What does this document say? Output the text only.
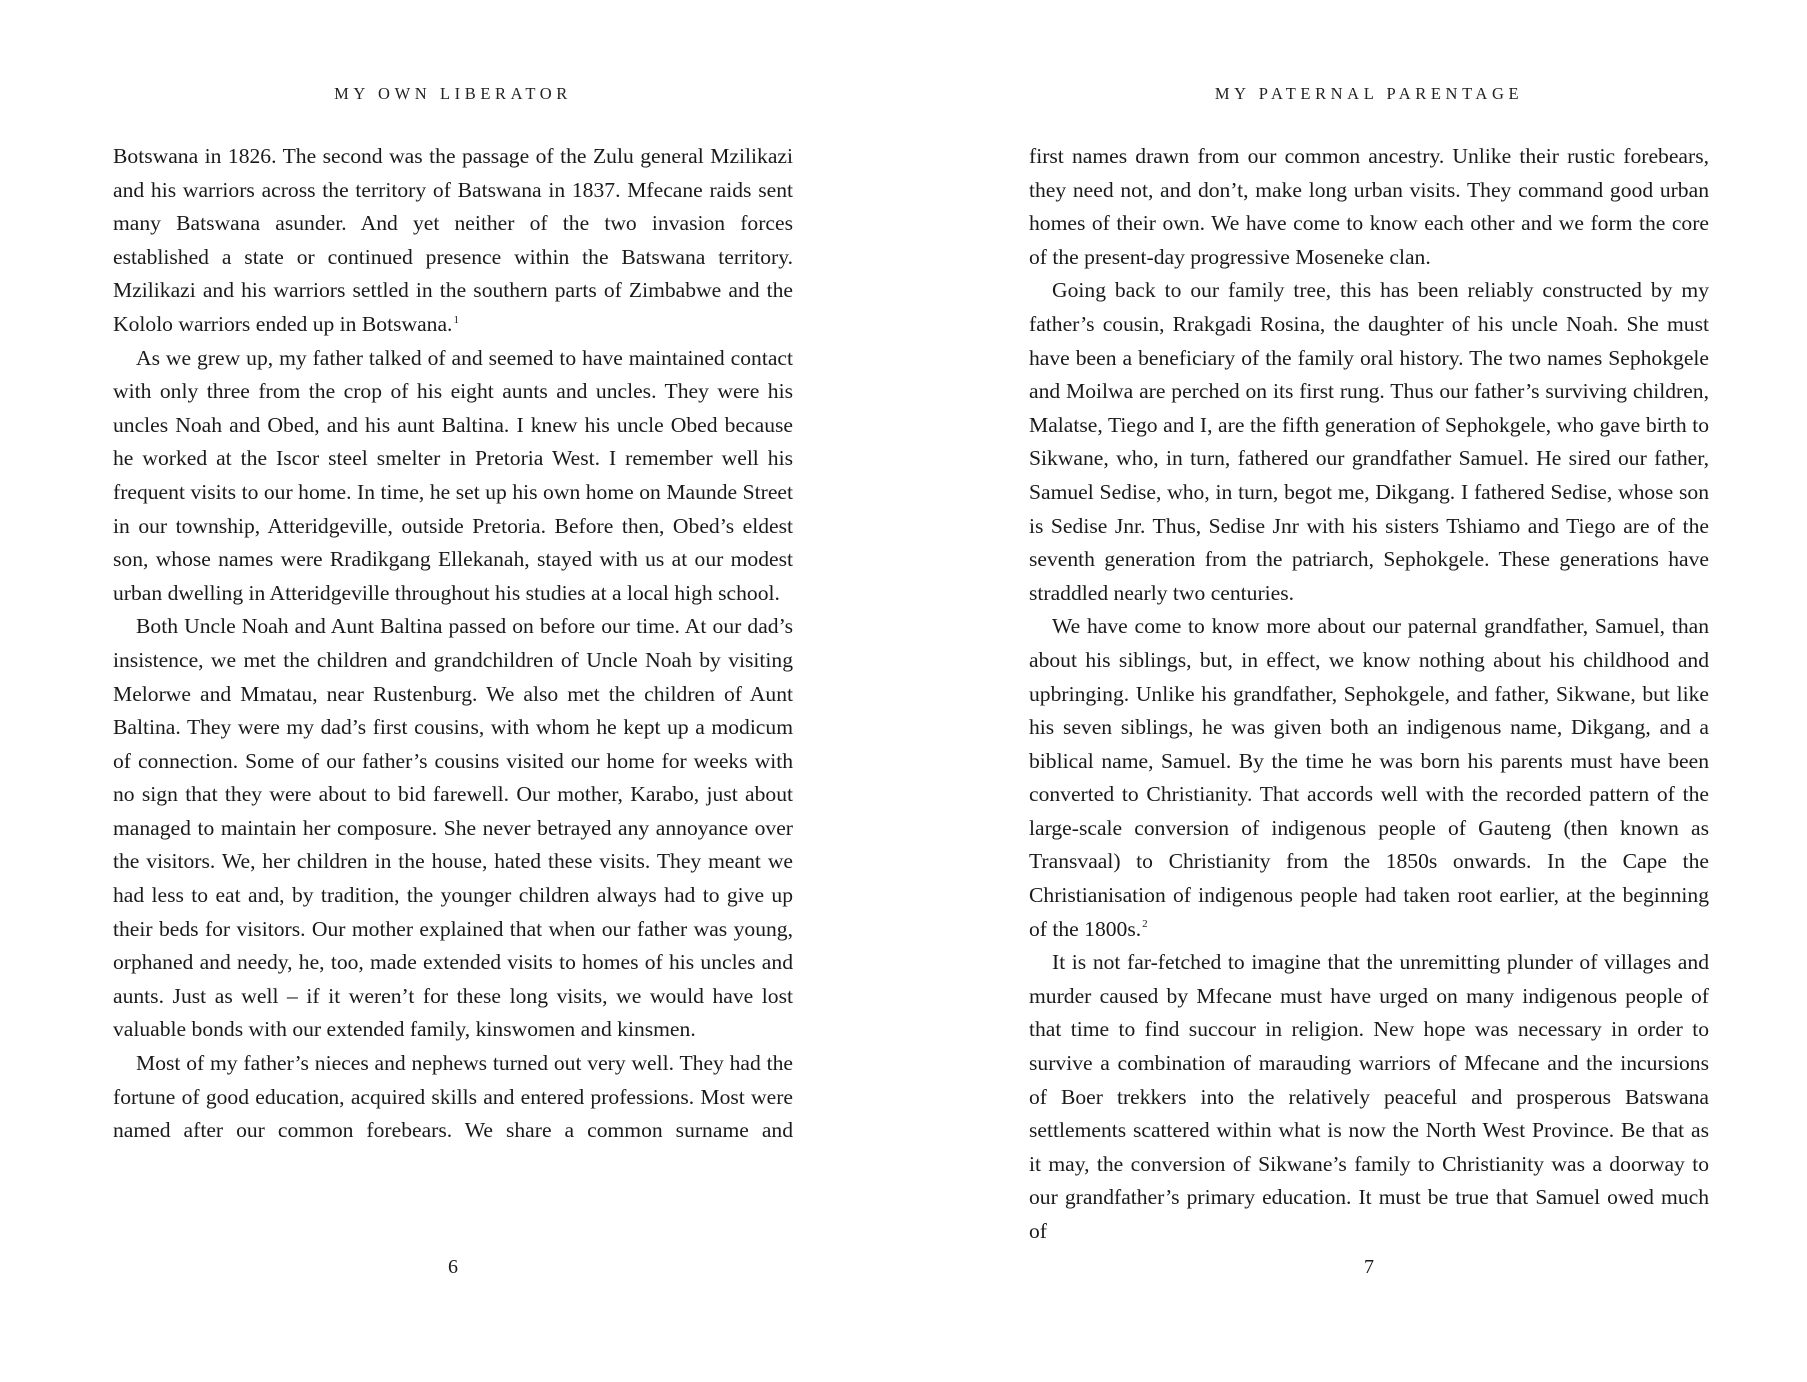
MY OWN LIBERATOR

Botswana in 1826. The second was the passage of the Zulu general Mzilikazi and his warriors across the territory of Batswana in 1837. Mfecane raids sent many Batswana asunder. And yet neither of the two invasion forces established a state or continued presence within the Batswana territory. Mzilikazi and his warriors settled in the southern parts of Zimbabwe and the Kololo warriors ended up in Botswana.$^1$

As we grew up, my father talked of and seemed to have maintained contact with only three from the crop of his eight aunts and uncles. They were his uncles Noah and Obed, and his aunt Baltina. I knew his uncle Obed because he worked at the Iscor steel smelter in Pretoria West. I remember well his frequent visits to our home. In time, he set up his own home on Maunde Street in our township, Atteridgeville, outside Pretoria. Before then, Obed’s eldest son, whose names were Rradikgang Ellekanah, stayed with us at our modest urban dwelling in Atteridgeville throughout his studies at a local high school.

Both Uncle Noah and Aunt Baltina passed on before our time. At our dad’s insistence, we met the children and grandchildren of Uncle Noah by visiting Melorwe and Mmatau, near Rustenburg. We also met the children of Aunt Baltina. They were my dad’s first cousins, with whom he kept up a modicum of connection. Some of our father’s cousins visited our home for weeks with no sign that they were about to bid farewell. Our mother, Karabo, just about managed to maintain her composure. She never betrayed any annoyance over the visitors. We, her children in the house, hated these visits. They meant we had less to eat and, by tradition, the younger children always had to give up their beds for visitors. Our mother explained that when our father was young, orphaned and needy, he, too, made extended visits to homes of his uncles and aunts. Just as well – if it weren’t for these long visits, we would have lost valuable bonds with our extended family, kinswomen and kinsmen.

Most of my father’s nieces and nephews turned out very well. They had the fortune of good education, acquired skills and entered professions. Most were named after our common forebears. We share a common surname and

6
MY PATERNAL PARENTAGE

first names drawn from our common ancestry. Unlike their rustic forebears, they need not, and don’t, make long urban visits. They command good urban homes of their own. We have come to know each other and we form the core of the present-day progressive Moseneke clan.

Going back to our family tree, this has been reliably constructed by my father’s cousin, Rrakgadi Rosina, the daughter of his uncle Noah. She must have been a beneficiary of the family oral history. The two names Sephokgele and Moilwa are perched on its first rung. Thus our father’s surviving children, Malatse, Tiego and I, are the fifth generation of Sephokgele, who gave birth to Sikwane, who, in turn, fathered our grandfather Samuel. He sired our father, Samuel Sedise, who, in turn, begot me, Dikgang. I fathered Sedise, whose son is Sedise Jnr. Thus, Sedise Jnr with his sisters Tshiamo and Tiego are of the seventh generation from the patriarch, Sephokgele. These generations have straddled nearly two centuries.

We have come to know more about our paternal grandfather, Samuel, than about his siblings, but, in effect, we know nothing about his childhood and upbringing. Unlike his grandfather, Sephokgele, and father, Sikwane, but like his seven siblings, he was given both an indigenous name, Dikgang, and a biblical name, Samuel. By the time he was born his parents must have been converted to Christianity. That accords well with the recorded pattern of the large-scale conversion of indigenous people of Gauteng (then known as Transvaal) to Christianity from the 1850s onwards. In the Cape the Christianisation of indigenous people had taken root earlier, at the beginning of the 1800s.$^2$

It is not far-fetched to imagine that the unremitting plunder of villages and murder caused by Mfecane must have urged on many indigenous people of that time to find succour in religion. New hope was necessary in order to survive a combination of marauding warriors of Mfecane and the incursions of Boer trekkers into the relatively peaceful and prosperous Batswana settlements scattered within what is now the North West Province. Be that as it may, the conversion of Sikwane’s family to Christianity was a doorway to our grandfather’s primary education. It must be true that Samuel owed much of

7
